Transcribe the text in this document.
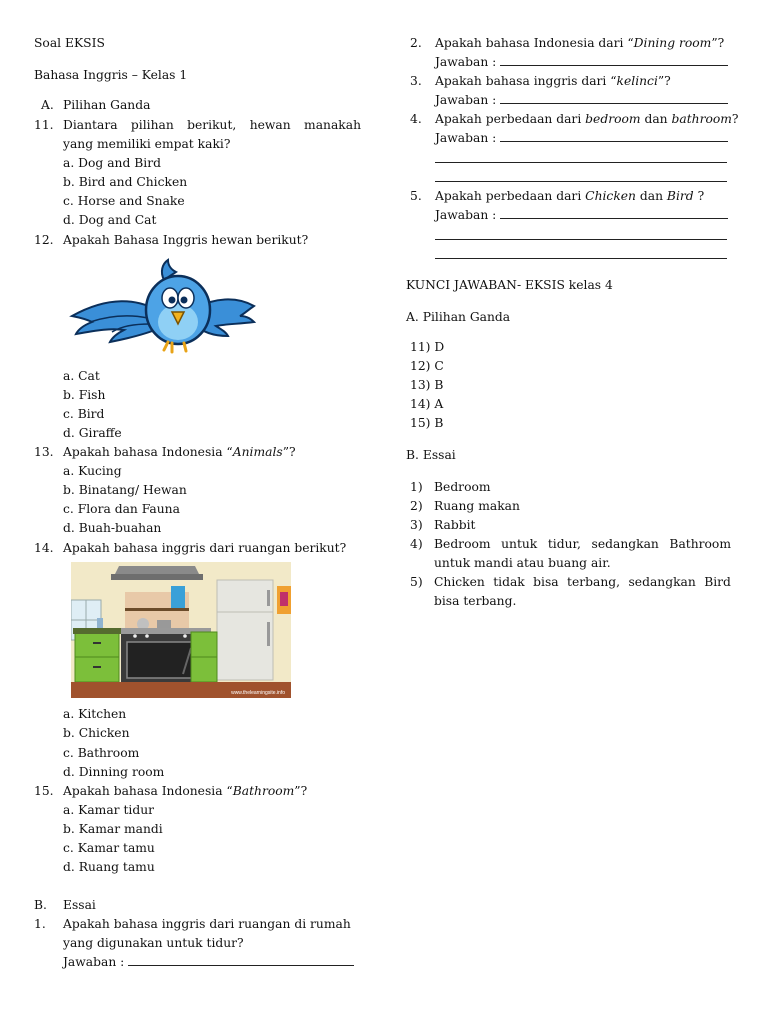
Soal EKSIS
Bahasa Inggris – Kelas 1
A. Pilihan Ganda
11. Diantara pilihan berikut, hewan manakah
yang memiliki empat kaki?
a. Dog and Bird
b. Bird and Chicken
c. Horse and Snake
d. Dog and Cat
12. Apakah Bahasa Inggris hewan berikut?
a. Cat
b. Fish
c. Bird
d. Giraffe
13. Apakah bahasa Indonesia “Animals”?
a. Kucing
b. Binatang/ Hewan
c. Flora dan Fauna
d. Buah-buahan
14. Apakah bahasa inggris dari ruangan berikut?
www.thelearningsite.info
a. Kitchen
b. Chicken
c. Bathroom
d. Dinning room
15. Apakah bahasa Indonesia “Bathroom”?
a. Kamar tidur
b. Kamar mandi
c. Kamar tamu
d. Ruang tamu
B. Essai
1. Apakah bahasa inggris dari ruangan di rumah
yang digunakan untuk tidur?
Jawaban :
2. Apakah bahasa Indonesia dari “Dining room”?
Jawaban :
3. Apakah bahasa inggris dari “kelinci”?
Jawaban :
4. Apakah perbedaan dari bedroom dan bathroom?
Jawaban :
5. Apakah perbedaan dari Chicken dan Bird ?
Jawaban :
KUNCI JAWABAN- EKSIS kelas 4
A. Pilihan Ganda
11) D
12) C
13) B
14) A
15) B
B. Essai
1) Bedroom
2) Ruang makan
3) Rabbit
4) Bedroom untuk tidur, sedangkan Bathroom
untuk mandi atau buang air.
5) Chicken tidak bisa terbang, sedangkan Bird
bisa terbang.
